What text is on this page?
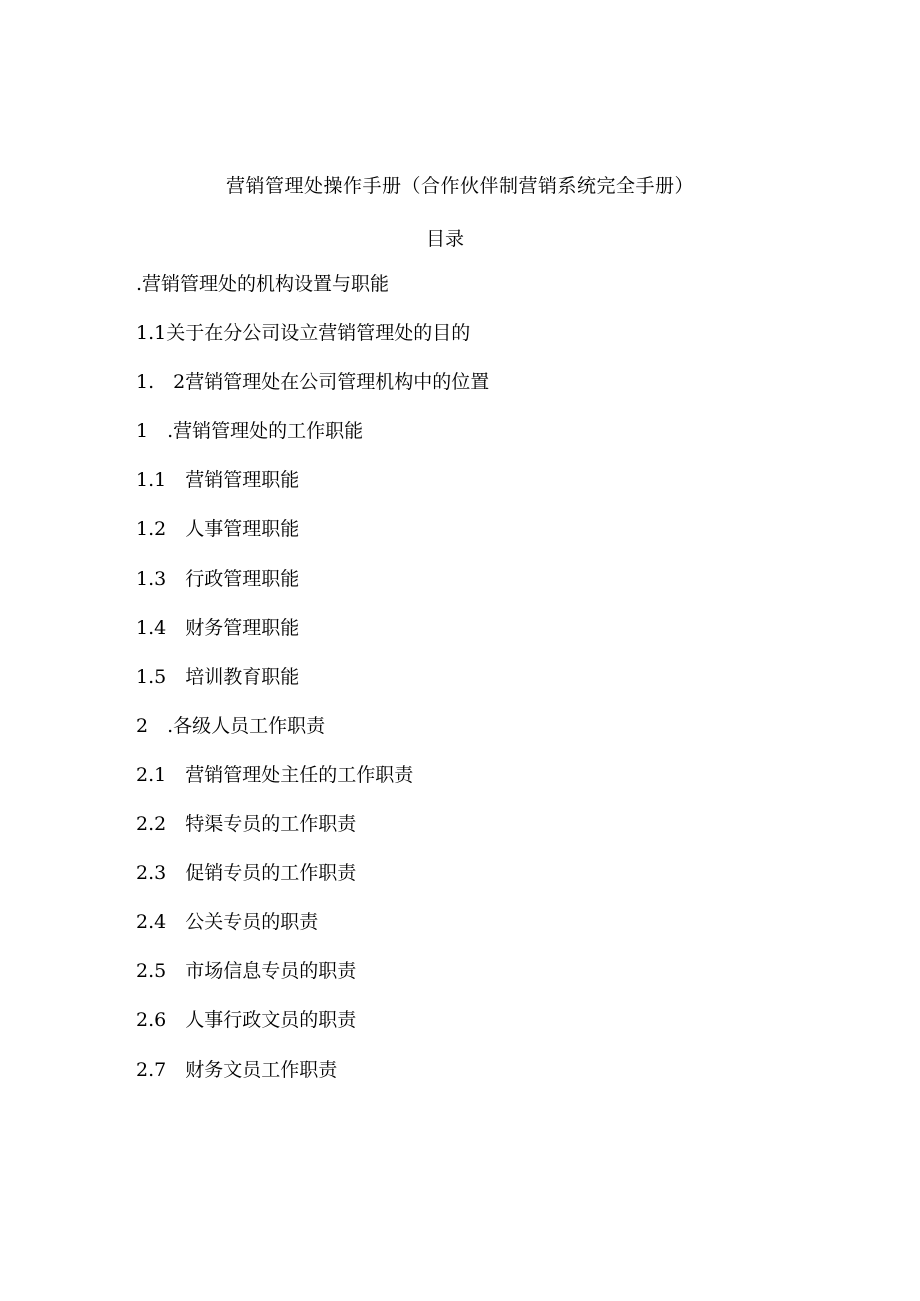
营销管理处操作手册（合作伙伴制营销系统完全手册）
目录
.营销管理处的机构设置与职能
1.1关于在分公司设立营销管理处的目的
1.　2营销管理处在公司管理机构中的位置
1　.营销管理处的工作职能
1.1　营销管理职能
1.2　人事管理职能
1.3　行政管理职能
1.4　财务管理职能
1.5　培训教育职能
2　.各级人员工作职责
2.1　营销管理处主任的工作职责
2.2　特渠专员的工作职责
2.3　促销专员的工作职责
2.4　公关专员的职责
2.5　市场信息专员的职责
2.6　人事行政文员的职责
2.7　财务文员工作职责
